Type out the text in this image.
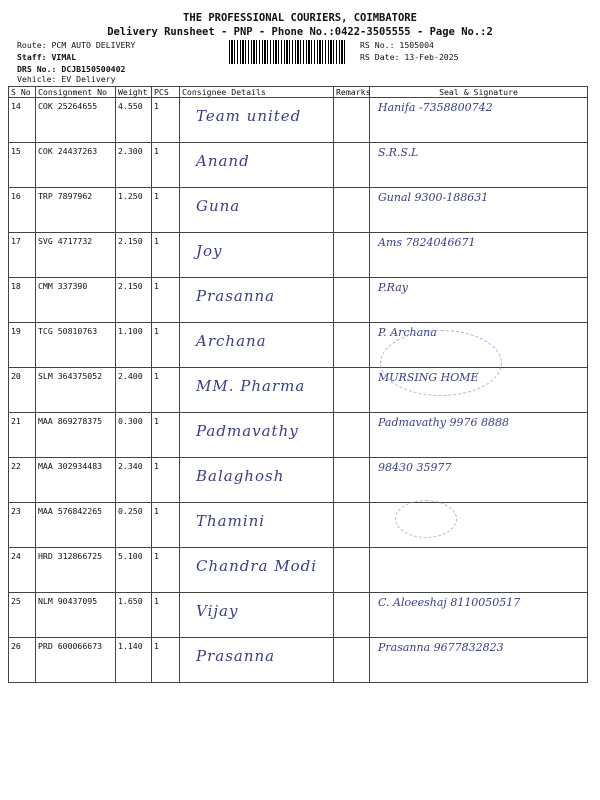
THE PROFESSIONAL COURIERS, COIMBATORE
Delivery Runsheet - PNP - Phone No.:0422-3505555 - Page No.:2
Route: PCM AUTO DELIVERY
Staff: VIMAL
DRS No.: DCJB150500402
Vehicle: EV Delivery
RS No.: 1505004
RS Date: 13-Feb-2025
S No	Consignment No	Weight	PCS	Consignee Details	Remarks	Seal & Signature
14	COK 25264655	4.550	1	Team united		Hanifa -7358800742

15	COK 24437263	2.300	1	Anand		S.R.S.L

16	TRP 7897962	1.250	1	Guna		Gunal 9300-188631

17	SVG 4717732	2.150	1	Joy		Ams 7824046671

18	CMM 337390	2.150	1	Prasanna		P.Ray

19	TCG 50810763	1.100	1	Archana		P. Archana

20	SLM 364375052	2.400	1	MM. Pharma		MURSING HOME

21	MAA 869278375	0.300	1	Padmavathy		Padmavathy 9976 8888

22	MAA 302934483	2.340	1	Balaghosh		98430 35977

23	MAA 576842265	0.250	1	Thamini		

24	HRD 312866725	5.100	1	Chandra Modi		

25	NLM 90437095	1.650	1	Vijay		C. Aloeeshaj 8110050517

26	PRD 600066673	1.140	1	Prasanna		Prasanna 9677832823
